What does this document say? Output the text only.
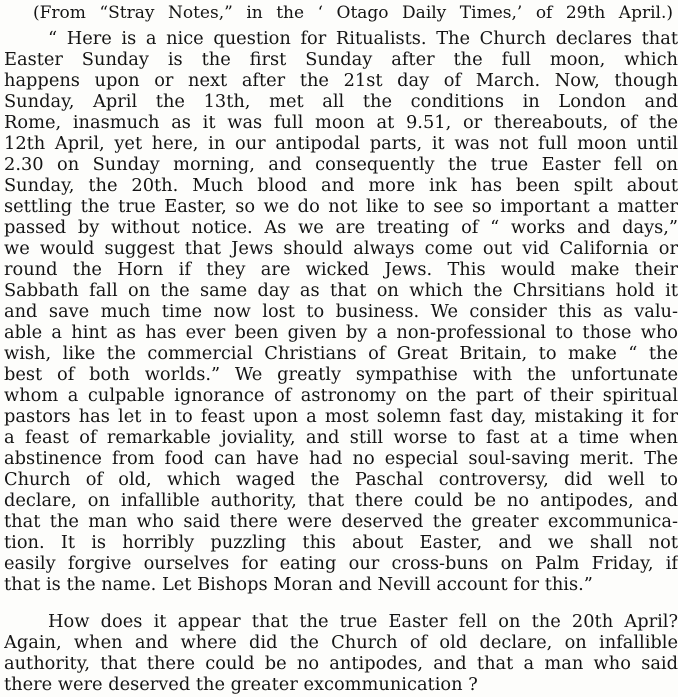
(From “Stray Notes,” in the ‘ Otago Daily Times,’ of 29th April.)
“ Here is a nice question for Ritualists. The Church declares that
Easter Sunday is the first Sunday after the full moon, which
happens upon or next after the 21st day of March. Now, though
Sunday, April the 13th, met all the conditions in London and
Rome, inasmuch as it was full moon at 9.51, or thereabouts, of the
12th April, yet here, in our antipodal parts, it was not full moon until
2.30 on Sunday morning, and consequently the true Easter fell on
Sunday, the 20th. Much blood and more ink has been spilt about
settling the true Easter, so we do not like to see so important a matter
passed by without notice. As we are treating of “ works and days,”
we would suggest that Jews should always come out vid California or
round the Horn if they are wicked Jews. This would make their
Sabbath fall on the same day as that on which the Chrsitians hold it
and save much time now lost to business. We consider this as valu-
able a hint as has ever been given by a non-professional to those who
wish, like the commercial Christians of Great Britain, to make “ the
best of both worlds.” We greatly sympathise with the unfortunate
whom a culpable ignorance of astronomy on the part of their spiritual
pastors has let in to feast upon a most solemn fast day, mistaking it for
a feast of remarkable joviality, and still worse to fast at a time when
abstinence from food can have had no especial soul-saving merit. The
Church of old, which waged the Paschal controversy, did well to
declare, on infallible authority, that there could be no antipodes, and
that the man who said there were deserved the greater excommunica-
tion. It is horribly puzzling this about Easter, and we shall not
easily forgive ourselves for eating our cross-buns on Palm Friday, if
that is the name. Let Bishops Moran and Nevill account for this.”
How does it appear that the true Easter fell on the 20th April?
Again, when and where did the Church of old declare, on infallible
authority, that there could be no antipodes, and that a man who said
there were deserved the greater excommunication ?
